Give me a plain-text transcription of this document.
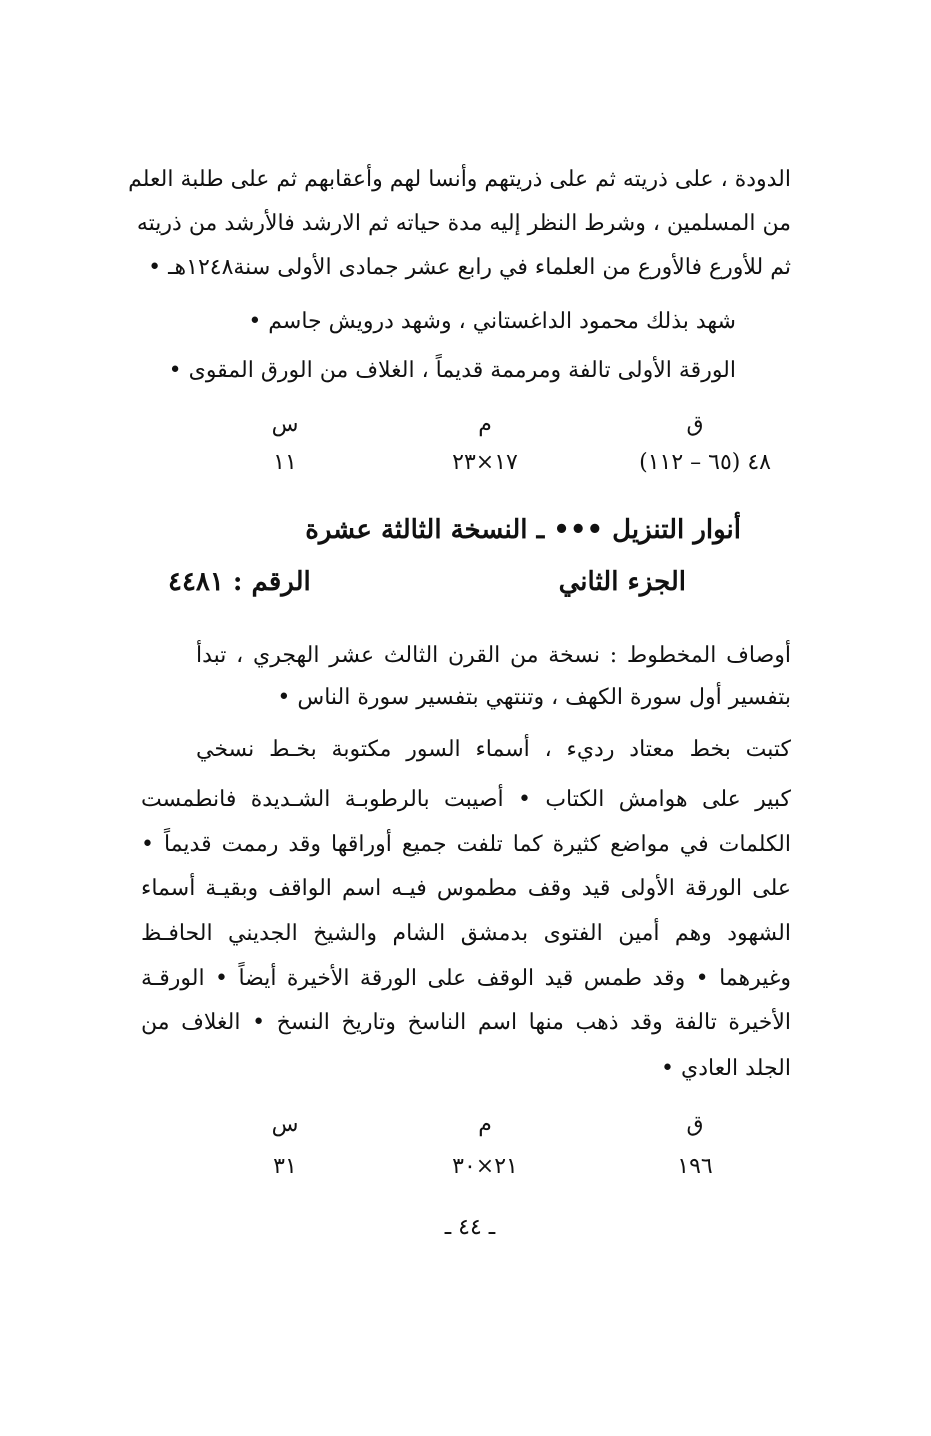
الدودة ، على ذريته ثم على ذريتهم وأنسا لهم وأعقابهم ثم على طلبة العلم
من المسلمين ، وشرط النظر إليه مدة حياته ثم الارشد فالأرشد من ذريته
ثم للأورع فالأورع من العلماء في رابع عشر جمادى الأولى سنة١٢٤٨هـ •
شهد بذلك محمود الداغستاني ، وشهد درويش جاسم •
الورقة الأولى تالفة ومرممة قديماً ، الغلاف من الورق المقوى •
ق
م
س
٤٨ (٦٥ – ١١٢)
١٧×٢٣
١١
أنوار التنزيل ••• ـ النسخة الثالثة عشرة
الجزء الثاني
الرقم : ٤٤٨١
أوصاف المخطوط : نسخة من القرن الثالث عشر الهجري ، تبدأ
بتفسير أول سورة الكهف ، وتنتهي بتفسير سورة الناس •
كتبت بخط معتاد رديء ، أسماء السور مكتوبة بخـط نسخي
كبير على هوامش الكتاب • أصيبت بالرطوبـة الشـديدة فانطمست
الكلمات في مواضع كثيرة كما تلفت جميع أوراقها وقد رممت قديماً •
على الورقة الأولى قيد وقف مطموس فيـه اسم الواقف وبقيـة أسماء
الشهود وهم أمين الفتوى بدمشق الشام والشيخ الجديني الحافـظ
وغيرهما • وقد طمس قيد الوقف على الورقة الأخيرة أيضاً • الورقـة
الأخيرة تالفة وقد ذهب منها اسم الناسخ وتاريخ النسخ • الغلاف من
الجلد العادي •
ق
م
س
١٩٦
٢١×٣٠
٣١
ـ ٤٤ ـ
